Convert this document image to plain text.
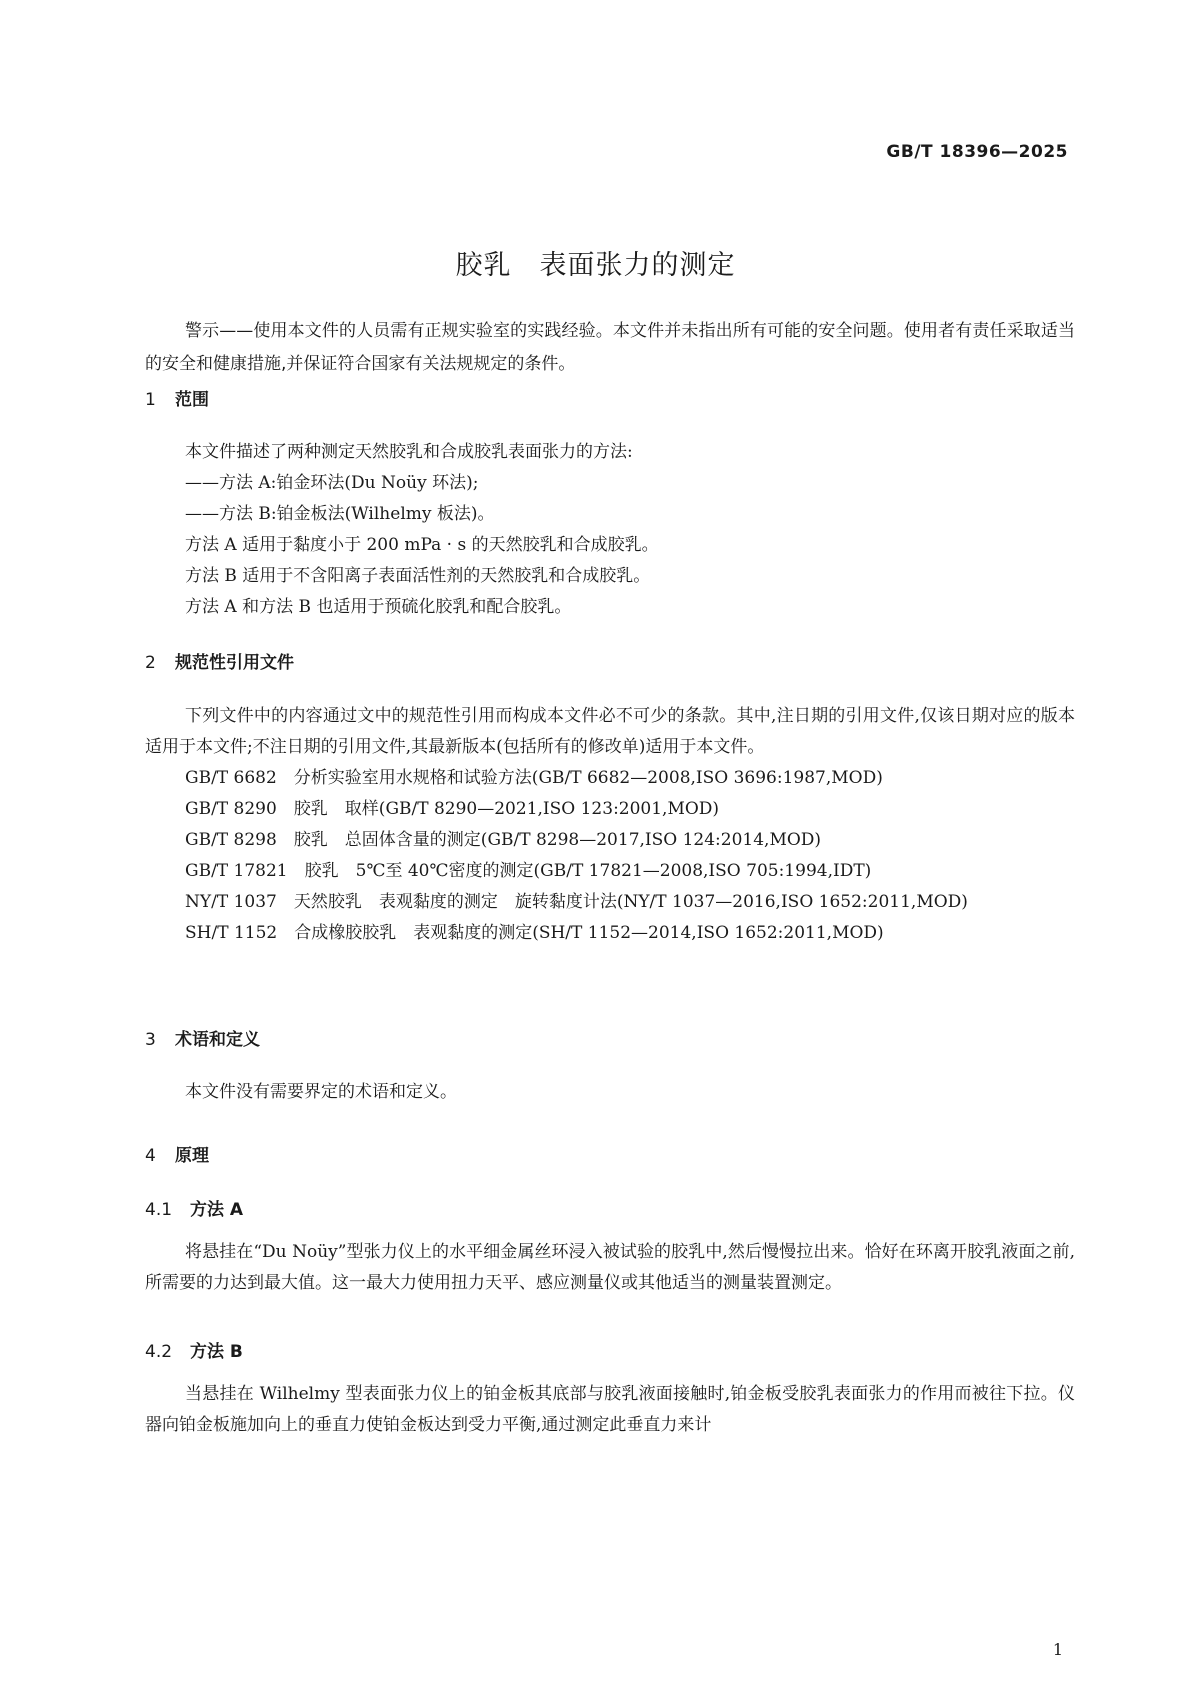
GB/T 18396—2025
胶乳 表面张力的测定
警示——使用本文件的人员需有正规实验室的实践经验。本文件并未指出所有可能的安全问题。使用者有责任采取适当的安全和健康措施,并保证符合国家有关法规规定的条件。
1 范围

本文件描述了两种测定天然胶乳和合成胶乳表面张力的方法:

——方法 A:铂金环法(Du Noüy 环法);

——方法 B:铂金板法(Wilhelmy 板法)。

方法 A 适用于黏度小于 200 mPa · s 的天然胶乳和合成胶乳。

方法 B 适用于不含阳离子表面活性剂的天然胶乳和合成胶乳。

方法 A 和方法 B 也适用于预硫化胶乳和配合胶乳。

2 规范性引用文件

下列文件中的内容通过文中的规范性引用而构成本文件必不可少的条款。其中,注日期的引用文件,仅该日期对应的版本适用于本文件;不注日期的引用文件,其最新版本(包括所有的修改单)适用于本文件。

GB/T 6682　分析实验室用水规格和试验方法(GB/T 6682—2008,ISO 3696:1987,MOD)

GB/T 8290　胶乳　取样(GB/T 8290—2021,ISO 123:2001,MOD)

GB/T 8298　胶乳　总固体含量的测定(GB/T 8298—2017,ISO 124:2014,MOD)

GB/T 17821　胶乳　5℃至 40℃密度的测定(GB/T 17821—2008,ISO 705:1994,IDT)

NY/T 1037　天然胶乳　表观黏度的测定　旋转黏度计法(NY/T 1037—2016,ISO 1652:2011,MOD)

SH/T 1152　合成橡胶胶乳　表观黏度的测定(SH/T 1152—2014,ISO 1652:2011,MOD)

3 术语和定义

本文件没有需要界定的术语和定义。

4 原理
4.1 方法 A

将悬挂在“Du Noüy”型张力仪上的水平细金属丝环浸入被试验的胶乳中,然后慢慢拉出来。恰好在环离开胶乳液面之前,所需要的力达到最大值。这一最大力使用扭力天平、感应测量仪或其他适当的测量装置测定。

4.2 方法 B

当悬挂在 Wilhelmy 型表面张力仪上的铂金板其底部与胶乳液面接触时,铂金板受胶乳表面张力的作用而被往下拉。仪器向铂金板施加向上的垂直力使铂金板达到受力平衡,通过测定此垂直力来计

1
